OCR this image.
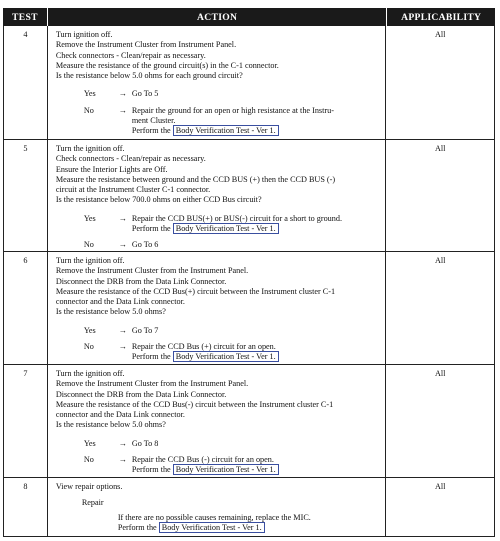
TEST	ACTION	APPLICABILITY
4	Turn ignition off.
Remove the Instrument Cluster from Instrument Panel.
Check connectors - Clean/repair as necessary.
Measure the resistance of the ground circuit(s) in the C-1 connector.
Is the resistance below 5.0 ohms for each ground circuit?
Yes	→ Go To 5
No	→ Repair the ground for an open or high resistance at the Instru-
ment Cluster.
Perform the Body Verification Test - Ver 1.
All
5	Turn the ignition off.
Check connectors - Clean/repair as necessary.
Ensure the Interior Lights are Off.
Measure the resistance between ground and the CCD BUS (+) then the CCD BUS (-)
circuit at the Instrument Cluster C-1 connector.
Is the resistance below 700.0 ohms on either CCD Bus circuit?
Yes	→ Repair the CCD BUS(+) or BUS(-) circuit for a short to ground.
Perform the Body Verification Test - Ver 1.
No	→ Go To 6
All
6	Turn the ignition off.
Remove the Instrument Cluster from the Instrument Panel.
Disconnect the DRB from the Data Link Connector.
Measure the resistance of the CCD Bus(+) circuit between the Instrument cluster C-1
connector and the Data Link connector.
Is the resistance below 5.0 ohms?
Yes	→ Go To 7
No	→ Repair the CCD Bus (+) circuit for an open.
Perform the Body Verification Test - Ver 1.
All
7	Turn the ignition off.
Remove the Instrument Cluster from the Instrument Panel.
Disconnect the DRB from the Data Link Connector.
Measure the resistance of the CCD Bus(-) circuit between the Instrument cluster C-1
connector and the Data Link connector.
Is the resistance below 5.0 ohms?
Yes	→ Go To 8
No	→ Repair the CCD Bus (-) circuit for an open.
Perform the Body Verification Test - Ver 1.
All
8	View repair options.
Repair
If there are no possible causes remaining, replace the MIC.
Perform the Body Verification Test - Ver 1.
All
